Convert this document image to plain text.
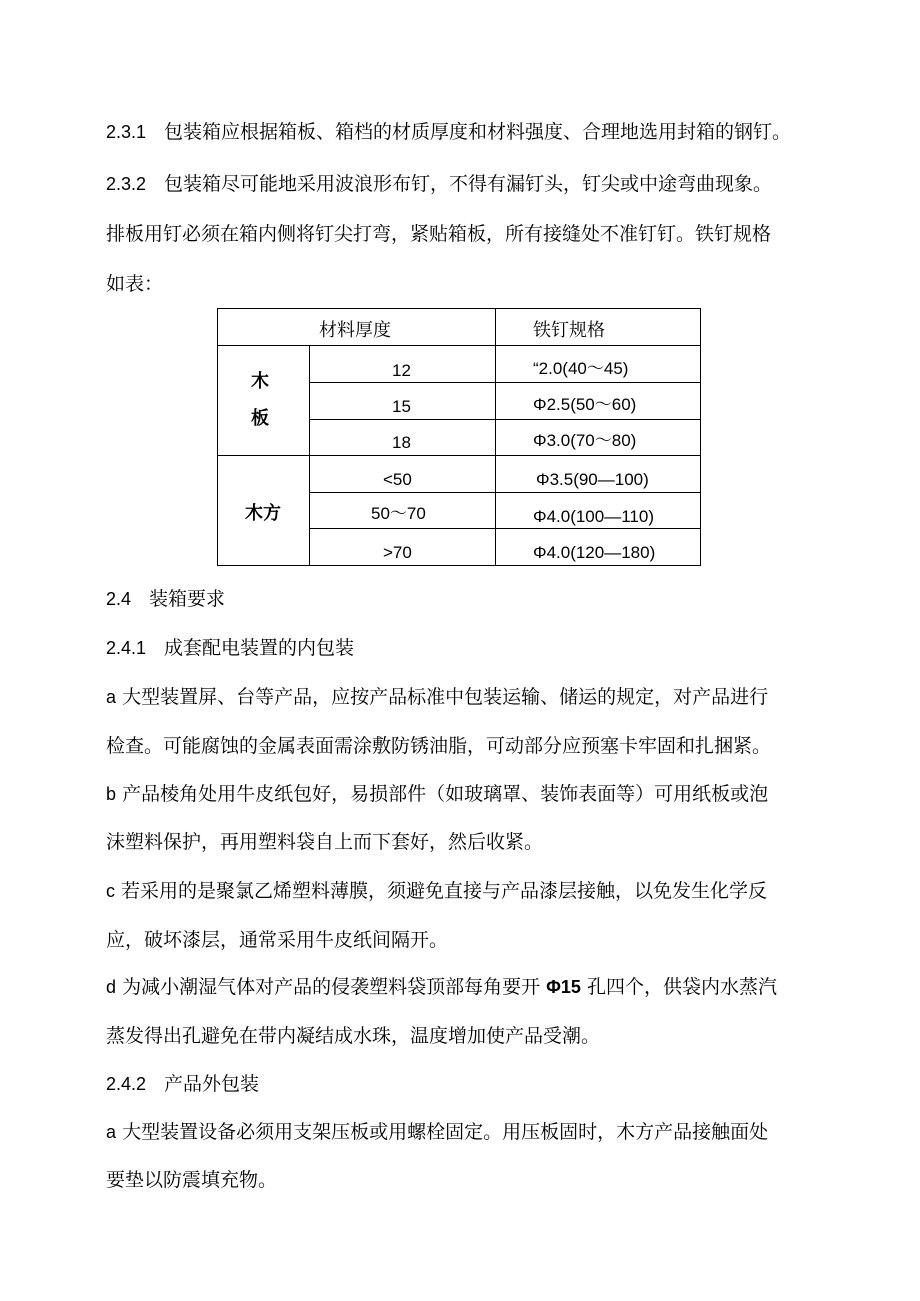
2.3.1 包装箱应根据箱板、箱档的材质厚度和材料强度、合理地选用封箱的钢钉。

2.3.2 包装箱尽可能地采用波浪形布钉，不得有漏钉头，钉尖或中途弯曲现象。

排板用钉必须在箱内侧将钉尖打弯，紧贴箱板，所有接缝处不准钉钉。铁钉规格

如表：

材料厚度	铁钉规格
木
板
12	“2.0(40～45)
15	Φ2.5(50～60)
18	Φ3.0(70～80)
木方
<50	Φ3.5(90—100)
50～70	Φ4.0(100—110)
>70	Φ4.0(120—180)

2.4 装箱要求

2.4.1 成套配电装置的内包装

a 大型装置屏、台等产品，应按产品标准中包装运输、储运的规定，对产品进行

检查。可能腐蚀的金属表面需涂敷防锈油脂，可动部分应预塞卡牢固和扎捆紧。

b 产品棱角处用牛皮纸包好，易损部件（如玻璃罩、装饰表面等）可用纸板或泡

沫塑料保护，再用塑料袋自上而下套好，然后收紧。

c 若采用的是聚氯乙烯塑料薄膜，须避免直接与产品漆层接触，以免发生化学反

应，破坏漆层，通常采用牛皮纸间隔开。

d 为减小潮湿气体对产品的侵袭塑料袋顶部每角要开 Φ15 孔四个，供袋内水蒸汽

蒸发得出孔避免在带内凝结成水珠，温度增加使产品受潮。

2.4.2 产品外包装

a 大型装置设备必须用支架压板或用螺栓固定。用压板固时，木方产品接触面处

要垫以防震填充物。
